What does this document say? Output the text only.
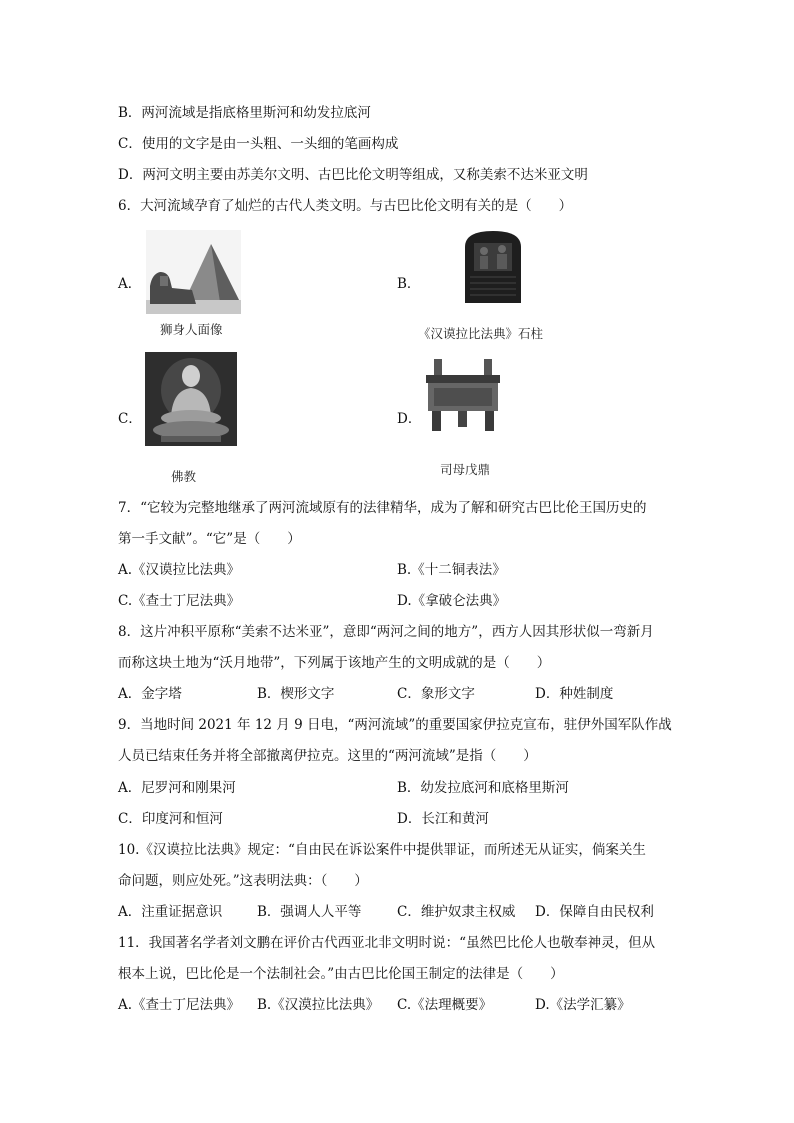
B．两河流域是指底格里斯河和幼发拉底河
C．使用的文字是由一头粗、一头细的笔画构成
D．两河文明主要由苏美尔文明、古巴比伦文明等组成，又称美索不达米亚文明
6．大河流域孕育了灿烂的古代人类文明。与古巴比伦文明有关的是（　　）
A．
狮身人面像
B．
《汉谟拉比法典》石柱
C．
佛教
D．
司母戊鼎
7．“它较为完整地继承了两河流域原有的法律精华，成为了解和研究古巴比伦王国历史的
第一手文献”。“它”是（　　）
A.《汉谟拉比法典》	B.《十二铜表法》
C.《查士丁尼法典》	D.《拿破仑法典》
8．这片冲积平原称“美索不达米亚”，意即“两河之间的地方”，西方人因其形状似一弯新月
而称这块土地为“沃月地带”，下列属于该地产生的文明成就的是（　　）
A．金字塔	B．楔形文字	C．象形文字	D．种姓制度
9．当地时间 2021 年 12 月 9 日电，“两河流域”的重要国家伊拉克宣布，驻伊外国军队作战
人员已结束任务并将全部撤离伊拉克。这里的“两河流域”是指（　　）
A．尼罗河和刚果河	B．幼发拉底河和底格里斯河
C．印度河和恒河	D．长江和黄河
10.《汉谟拉比法典》规定：“自由民在诉讼案件中提供罪证，而所述无从证实，倘案关生
命问题，则应处死。”这表明法典：（　　）
A．注重证据意识	B．强调人人平等	C．维护奴隶主权威 D．保障自由民权利
11．我国著名学者刘文鹏在评价古代西亚北非文明时说：“虽然巴比伦人也敬奉神灵，但从
根本上说，巴比伦是一个法制社会。”由古巴比伦国王制定的法律是（　　）
A.《查士丁尼法典》 B.《汉漠拉比法典》 C.《法理概要》	D.《法学汇纂》
